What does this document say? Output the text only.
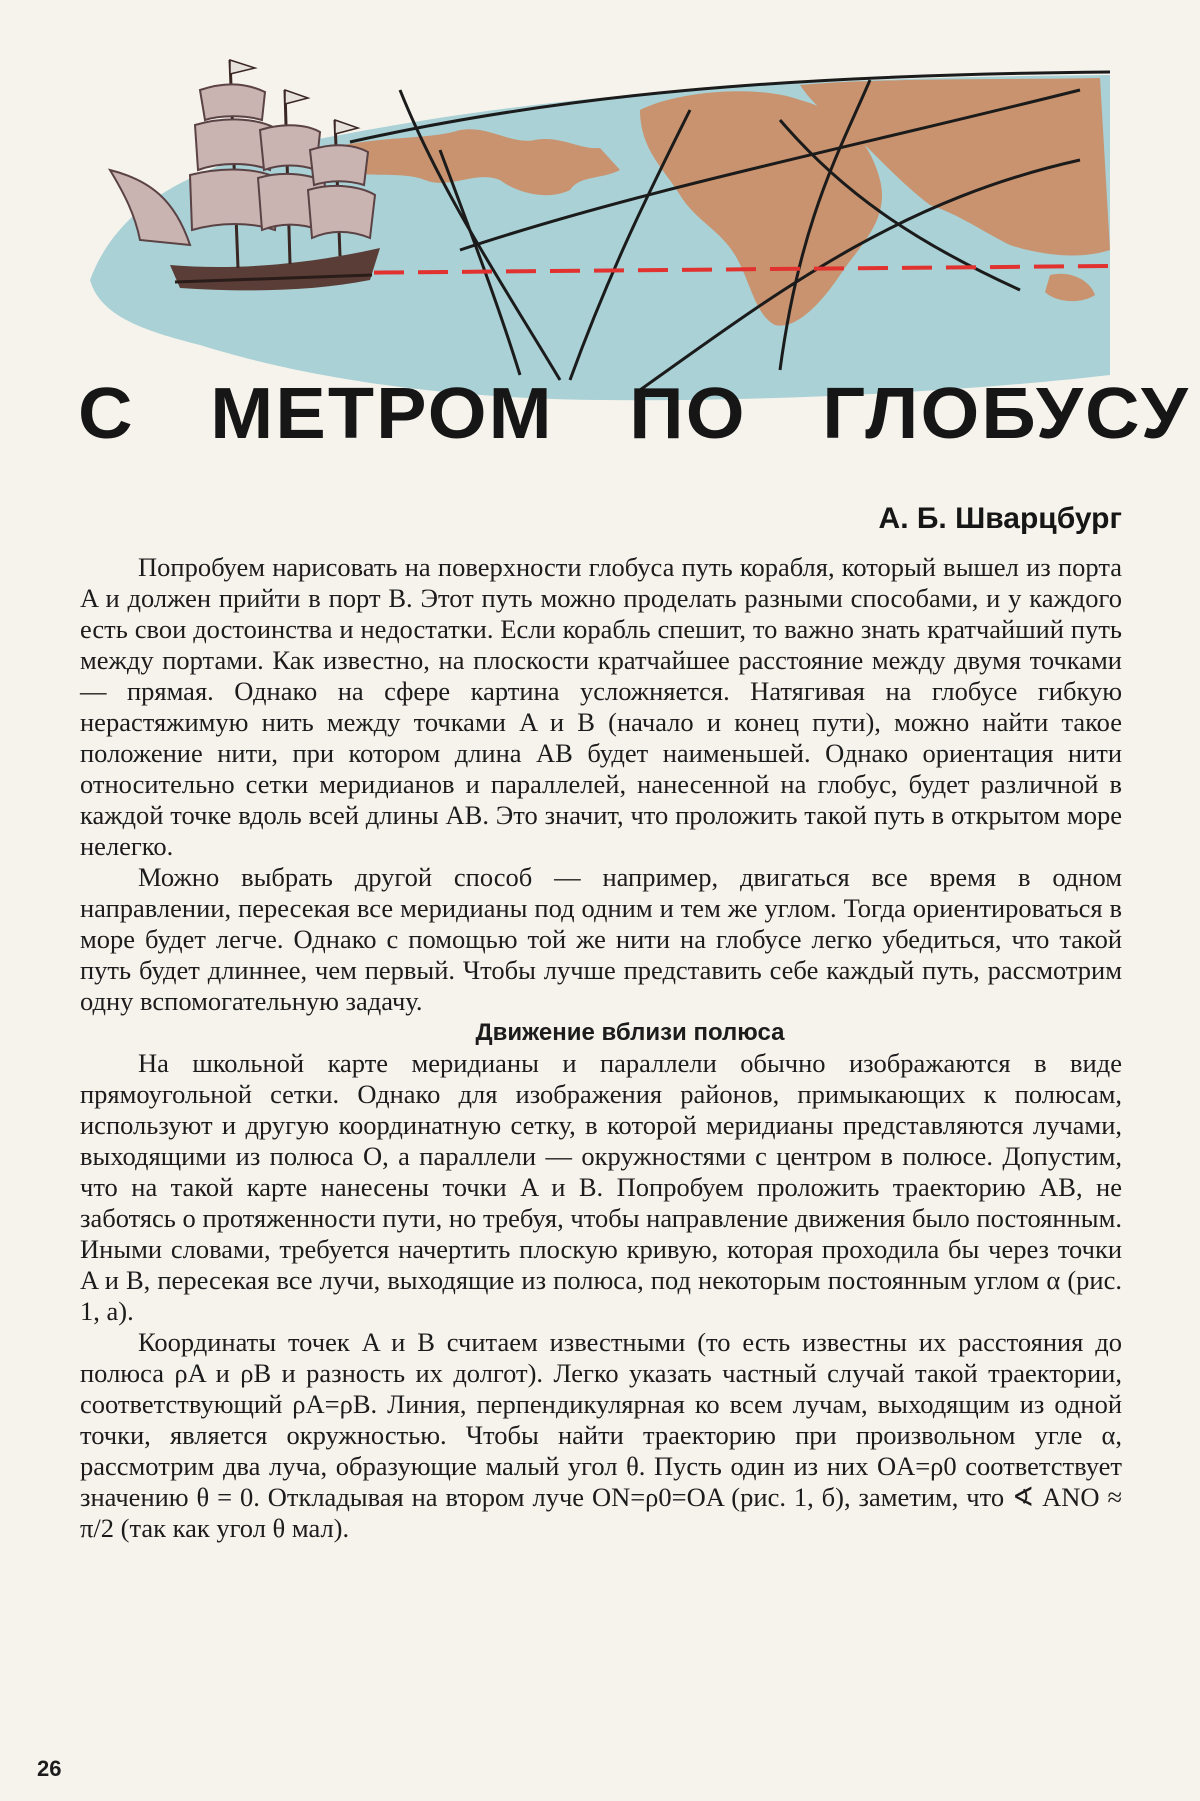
С МЕТРОМ ПО ГЛОБУСУ
А. Б. Шварцбург

Попробуем нарисовать на поверхности глобуса путь корабля, который вышел из порта A и должен прийти в порт B. Этот путь можно проделать разными способами, и у каждого есть свои достоинства и недостатки. Если корабль спешит, то важно знать кратчайший путь между портами. Как известно, на плоскости кратчайшее расстояние между двумя точками — прямая. Однако на сфере картина усложняется. Натягивая на глобусе гибкую нерастяжимую нить между точками A и B (начало и конец пути), можно найти такое положение нити, при котором длина AB будет наименьшей. Однако ориентация нити относительно сетки меридианов и параллелей, нанесенной на глобус, будет различной в каждой точке вдоль всей длины AB. Это значит, что проложить такой путь в открытом море нелегко.

Можно выбрать другой способ — например, двигаться все время в одном направлении, пересекая все меридианы под одним и тем же углом. Тогда ориентироваться в море будет легче. Однако с помощью той же нити на глобусе легко убедиться, что такой путь будет длиннее, чем первый. Чтобы лучше представить себе каждый путь, рассмотрим одну вспомогательную задачу.

Движение вблизи полюса

На школьной карте меридианы и параллели обычно изображаются в виде прямоугольной сетки. Однако для изображения районов, примыкающих к полюсам, используют и другую координатную сетку, в которой меридианы представляются лучами, выходящими из полюса O, а параллели — окружностями с центром в полюсе. Допустим, что на такой карте нанесены точки A и B. Попробуем проложить траекторию AB, не заботясь о протяженности пути, но требуя, чтобы направление движения было постоянным. Иными словами, требуется начертить плоскую кривую, которая проходила бы через точки A и B, пересекая все лучи, выходящие из полюса, под некоторым постоянным углом α (рис. 1, a).

Координаты точек A и B считаем известными (то есть известны их расстояния до полюса ρA и ρB и разность их долгот). Легко указать частный случай такой траектории, соответствующий ρA=ρB. Линия, перпендикулярная ко всем лучам, выходящим из одной точки, является окружностью. Чтобы найти траекторию при произвольном угле α, рассмотрим два луча, образующие малый угол θ. Пусть один из них OA=ρ0 соответствует значению θ = 0. Откладывая на втором луче ON=ρ0=OA (рис. 1, б), заметим, что ∢ ANO ≈ π/2 (так как угол θ мал).

26
